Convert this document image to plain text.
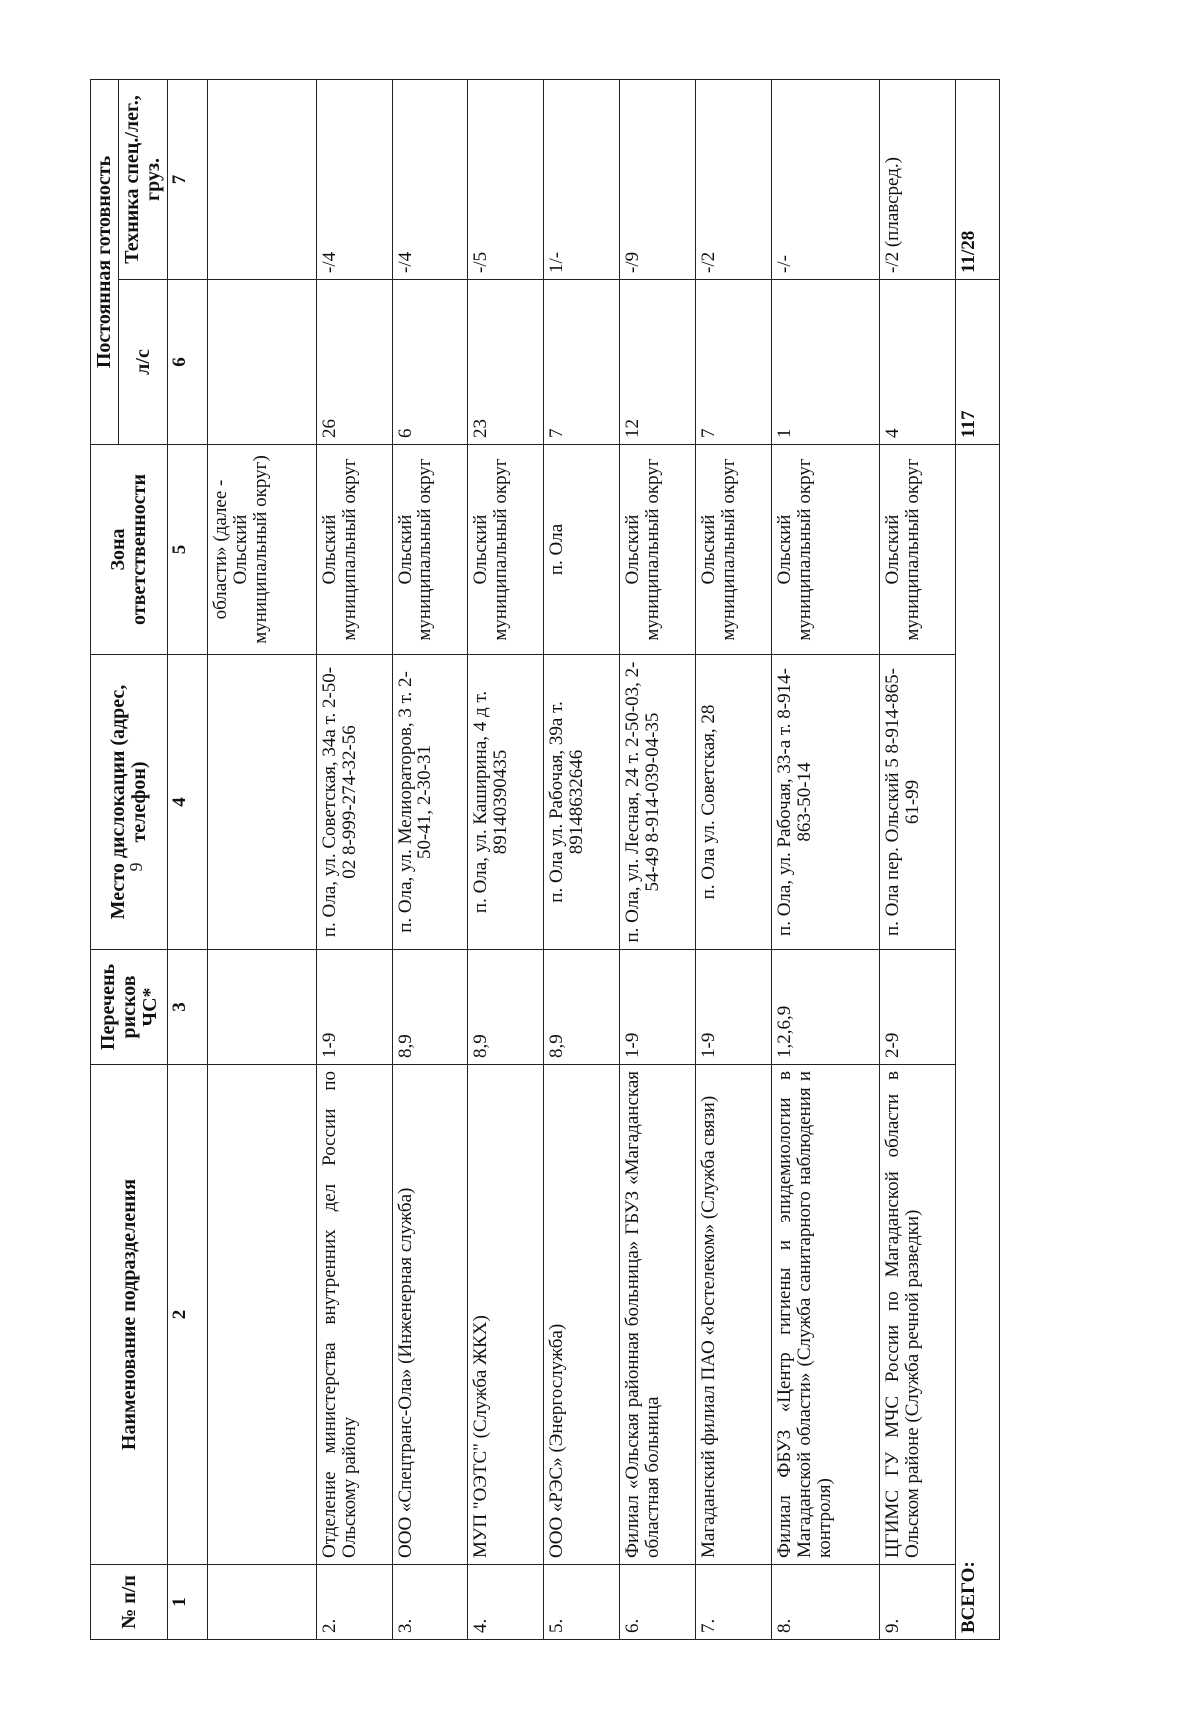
9
№ п/п	Наименование подразделения	Перечень рисков ЧС*	Место дислокации (адрес, телефон)	Зона ответственности	Постоянная готовность	
					л/с	Техника спец./лег., груз.
1	2	3	4	5	6	7
				области» (далее - Ольский муниципальный округ)		
2.	Отделение министерства внутренних дел России по Ольскому району	1-9	п. Ола, ул. Советская, 34а т. 2-50-02 8-999-274-32-56	Ольский муниципальный округ	26	-/4
3.	ООО «Спецтранс-Ола» (Инженерная служба)	8,9	п. Ола, ул. Мелиораторов, 3 т. 2-50-41, 2-30-31	Ольский муниципальный округ	6	-/4
4.	МУП "ОЭТС" (Служба ЖКХ)	8,9	п. Ола, ул. Каширина, 4 д т. 89140390435	Ольский муниципальный округ	23	-/5
5.	ООО «РЭС» (Энергослужба)	8,9	п. Ола ул. Рабочая, 39а т. 89148632646	п. Ола	7	1/-
6.	Филиал «Ольская районная больница» ГБУЗ «Магаданская областная больница	1-9	п. Ола, ул. Лесная, 24 т. 2-50-03, 2-54-49 8-914-039-04-35	Ольский муниципальный округ	12	-/9
7.	Магаданский филиал ПАО «Ростелеком» (Служба связи)	1-9	п. Ола ул. Советская, 28	Ольский муниципальный округ	7	-/2
8.	Филиал ФБУЗ «Центр гигиены и эпидемиологии в Магаданской области» (Служба санитарного наблюдения и контроля)	1,2,6,9	п. Ола, ул. Рабочая, 33-а т. 8-914-863-50-14	Ольский муниципальный округ	1	-/-
9.	ЦГИМС ГУ МЧС России по Магаданской области в Ольском районе (Служба речной разведки)	2-9	п. Ола пер. Ольский 5 8-914-865-61-99	Ольский муниципальный округ	4	-/2 (плавсред.)
ВСЕГО:					117	11/28
